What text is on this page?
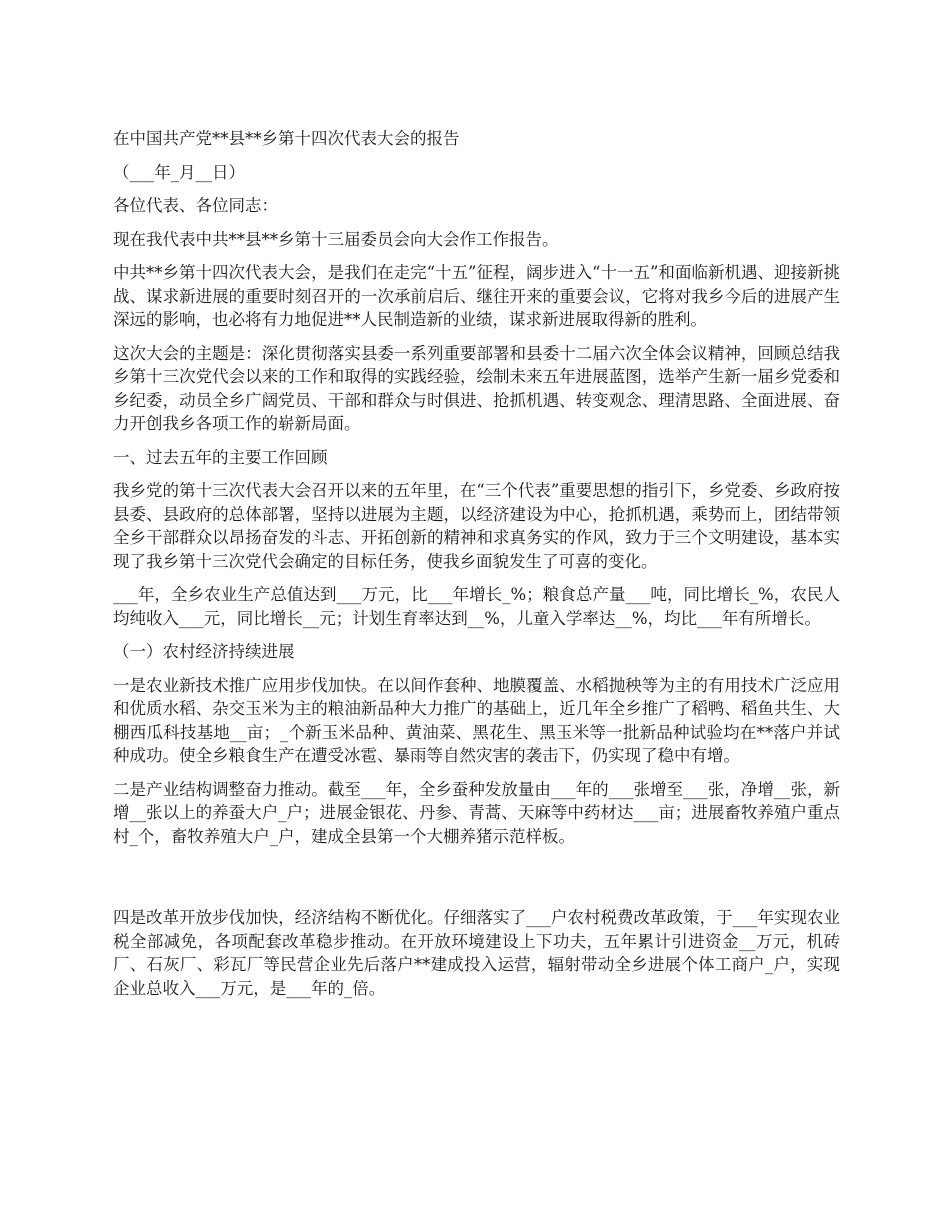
在中国共产党**县**乡第十四次代表大会的报告

（___年_月__日）

各位代表、各位同志：

现在我代表中共**县**乡第十三届委员会向大会作工作报告。

中共**乡第十四次代表大会，是我们在走完“十五”征程，阔步进入“十一五”和面临新机遇、迎接新挑战、谋求新进展的重要时刻召开的一次承前启后、继往开来的重要会议，它将对我乡今后的进展产生深远的影响，也必将有力地促进**人民制造新的业绩，谋求新进展取得新的胜利。

这次大会的主题是：深化贯彻落实县委一系列重要部署和县委十二届六次全体会议精神，回顾总结我乡第十三次党代会以来的工作和取得的实践经验，绘制未来五年进展蓝图，选举产生新一届乡党委和乡纪委，动员全乡广阔党员、干部和群众与时俱进、抢抓机遇、转变观念、理清思路、全面进展、奋力开创我乡各项工作的崭新局面。

一、过去五年的主要工作回顾

我乡党的第十三次代表大会召开以来的五年里，在“三个代表”重要思想的指引下，乡党委、乡政府按县委、县政府的总体部署，坚持以进展为主题，以经济建设为中心，抢抓机遇，乘势而上，团结带领全乡干部群众以昂扬奋发的斗志、开拓创新的精神和求真务实的作风，致力于三个文明建设，基本实现了我乡第十三次党代会确定的目标任务，使我乡面貌发生了可喜的变化。

___年，全乡农业生产总值达到___万元，比___年增长_%；粮食总产量___吨，同比增长_%，农民人均纯收入___元，同比增长__元；计划生育率达到__%，儿童入学率达__%，均比___年有所增长。

（一）农村经济持续进展

一是农业新技术推广应用步伐加快。在以间作套种、地膜覆盖、水稻抛秧等为主的有用技术广泛应用和优质水稻、杂交玉米为主的粮油新品种大力推广的基础上，近几年全乡推广了稻鸭、稻鱼共生、大棚西瓜科技基地__亩；_个新玉米品种、黄油菜、黑花生、黑玉米等一批新品种试验均在**落户并试种成功。使全乡粮食生产在遭受冰雹、暴雨等自然灾害的袭击下，仍实现了稳中有增。

二是产业结构调整奋力推动。截至___年，全乡蚕种发放量由___年的___张增至___张，净增__张，新增__张以上的养蚕大户_户；进展金银花、丹参、青蒿、天麻等中药材达___亩；进展畜牧养殖户重点村_个，畜牧养殖大户_户，建成全县第一个大棚养猪示范样板。

四是改革开放步伐加快，经济结构不断优化。仔细落实了___户农村税费改革政策，于___年实现农业税全部减免，各项配套改革稳步推动。在开放环境建设上下功夫，五年累计引进资金__万元，机砖厂、石灰厂、彩瓦厂等民营企业先后落户**建成投入运营，辐射带动全乡进展个体工商户_户，实现企业总收入___万元，是___年的_倍。
